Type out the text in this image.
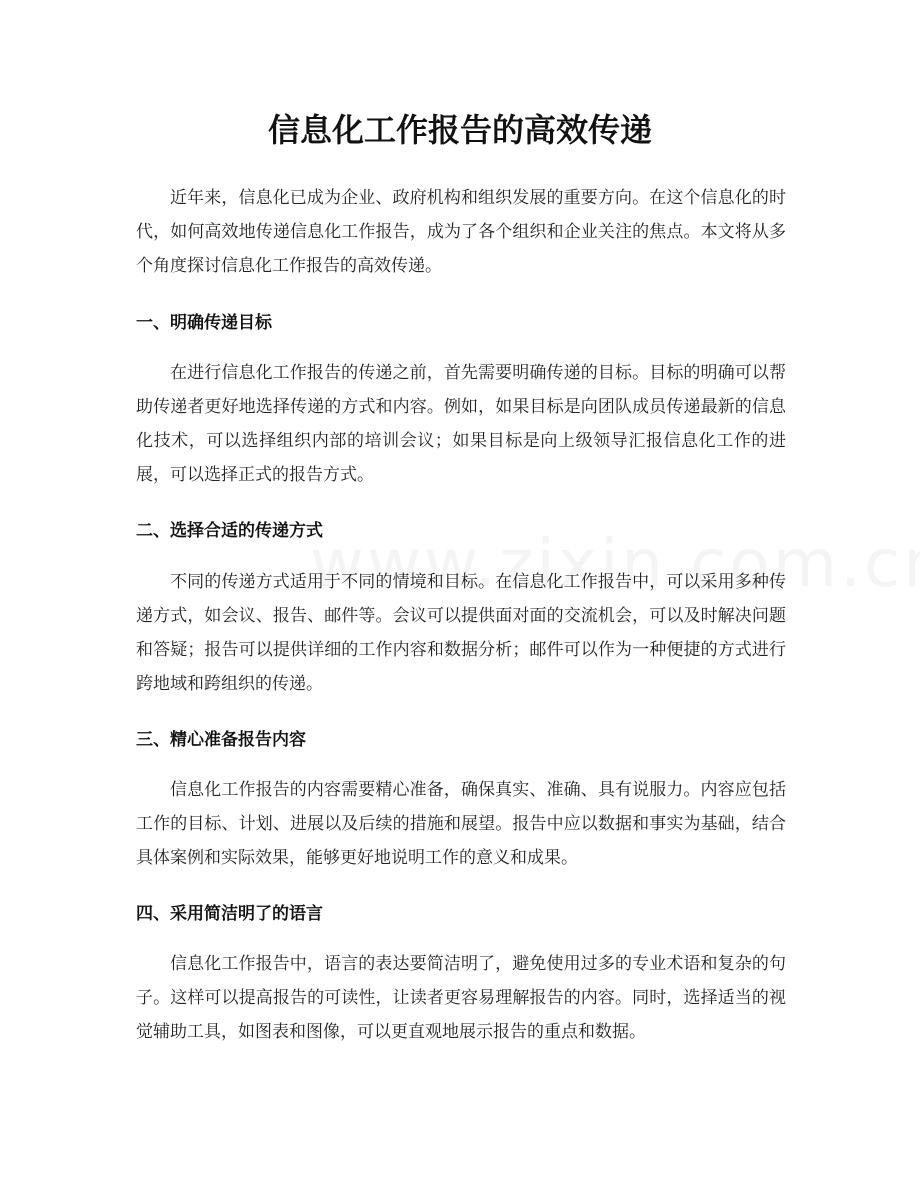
信息化工作报告的高效传递

近年来，信息化已成为企业、政府机构和组织发展的重要方向。在这个信息化的时代，如何高效地传递信息化工作报告，成为了各个组织和企业关注的焦点。本文将从多个角度探讨信息化工作报告的高效传递。

一、明确传递目标

在进行信息化工作报告的传递之前，首先需要明确传递的目标。目标的明确可以帮助传递者更好地选择传递的方式和内容。例如，如果目标是向团队成员传递最新的信息化技术，可以选择组织内部的培训会议；如果目标是向上级领导汇报信息化工作的进展，可以选择正式的报告方式。

二、选择合适的传递方式

不同的传递方式适用于不同的情境和目标。在信息化工作报告中，可以采用多种传递方式，如会议、报告、邮件等。会议可以提供面对面的交流机会，可以及时解决问题和答疑；报告可以提供详细的工作内容和数据分析；邮件可以作为一种便捷的方式进行跨地域和跨组织的传递。

三、精心准备报告内容

信息化工作报告的内容需要精心准备，确保真实、准确、具有说服力。内容应包括工作的目标、计划、进展以及后续的措施和展望。报告中应以数据和事实为基础，结合具体案例和实际效果，能够更好地说明工作的意义和成果。

四、采用简洁明了的语言

信息化工作报告中，语言的表达要简洁明了，避免使用过多的专业术语和复杂的句子。这样可以提高报告的可读性，让读者更容易理解报告的内容。同时，选择适当的视觉辅助工具，如图表和图像，可以更直观地展示报告的重点和数据。
